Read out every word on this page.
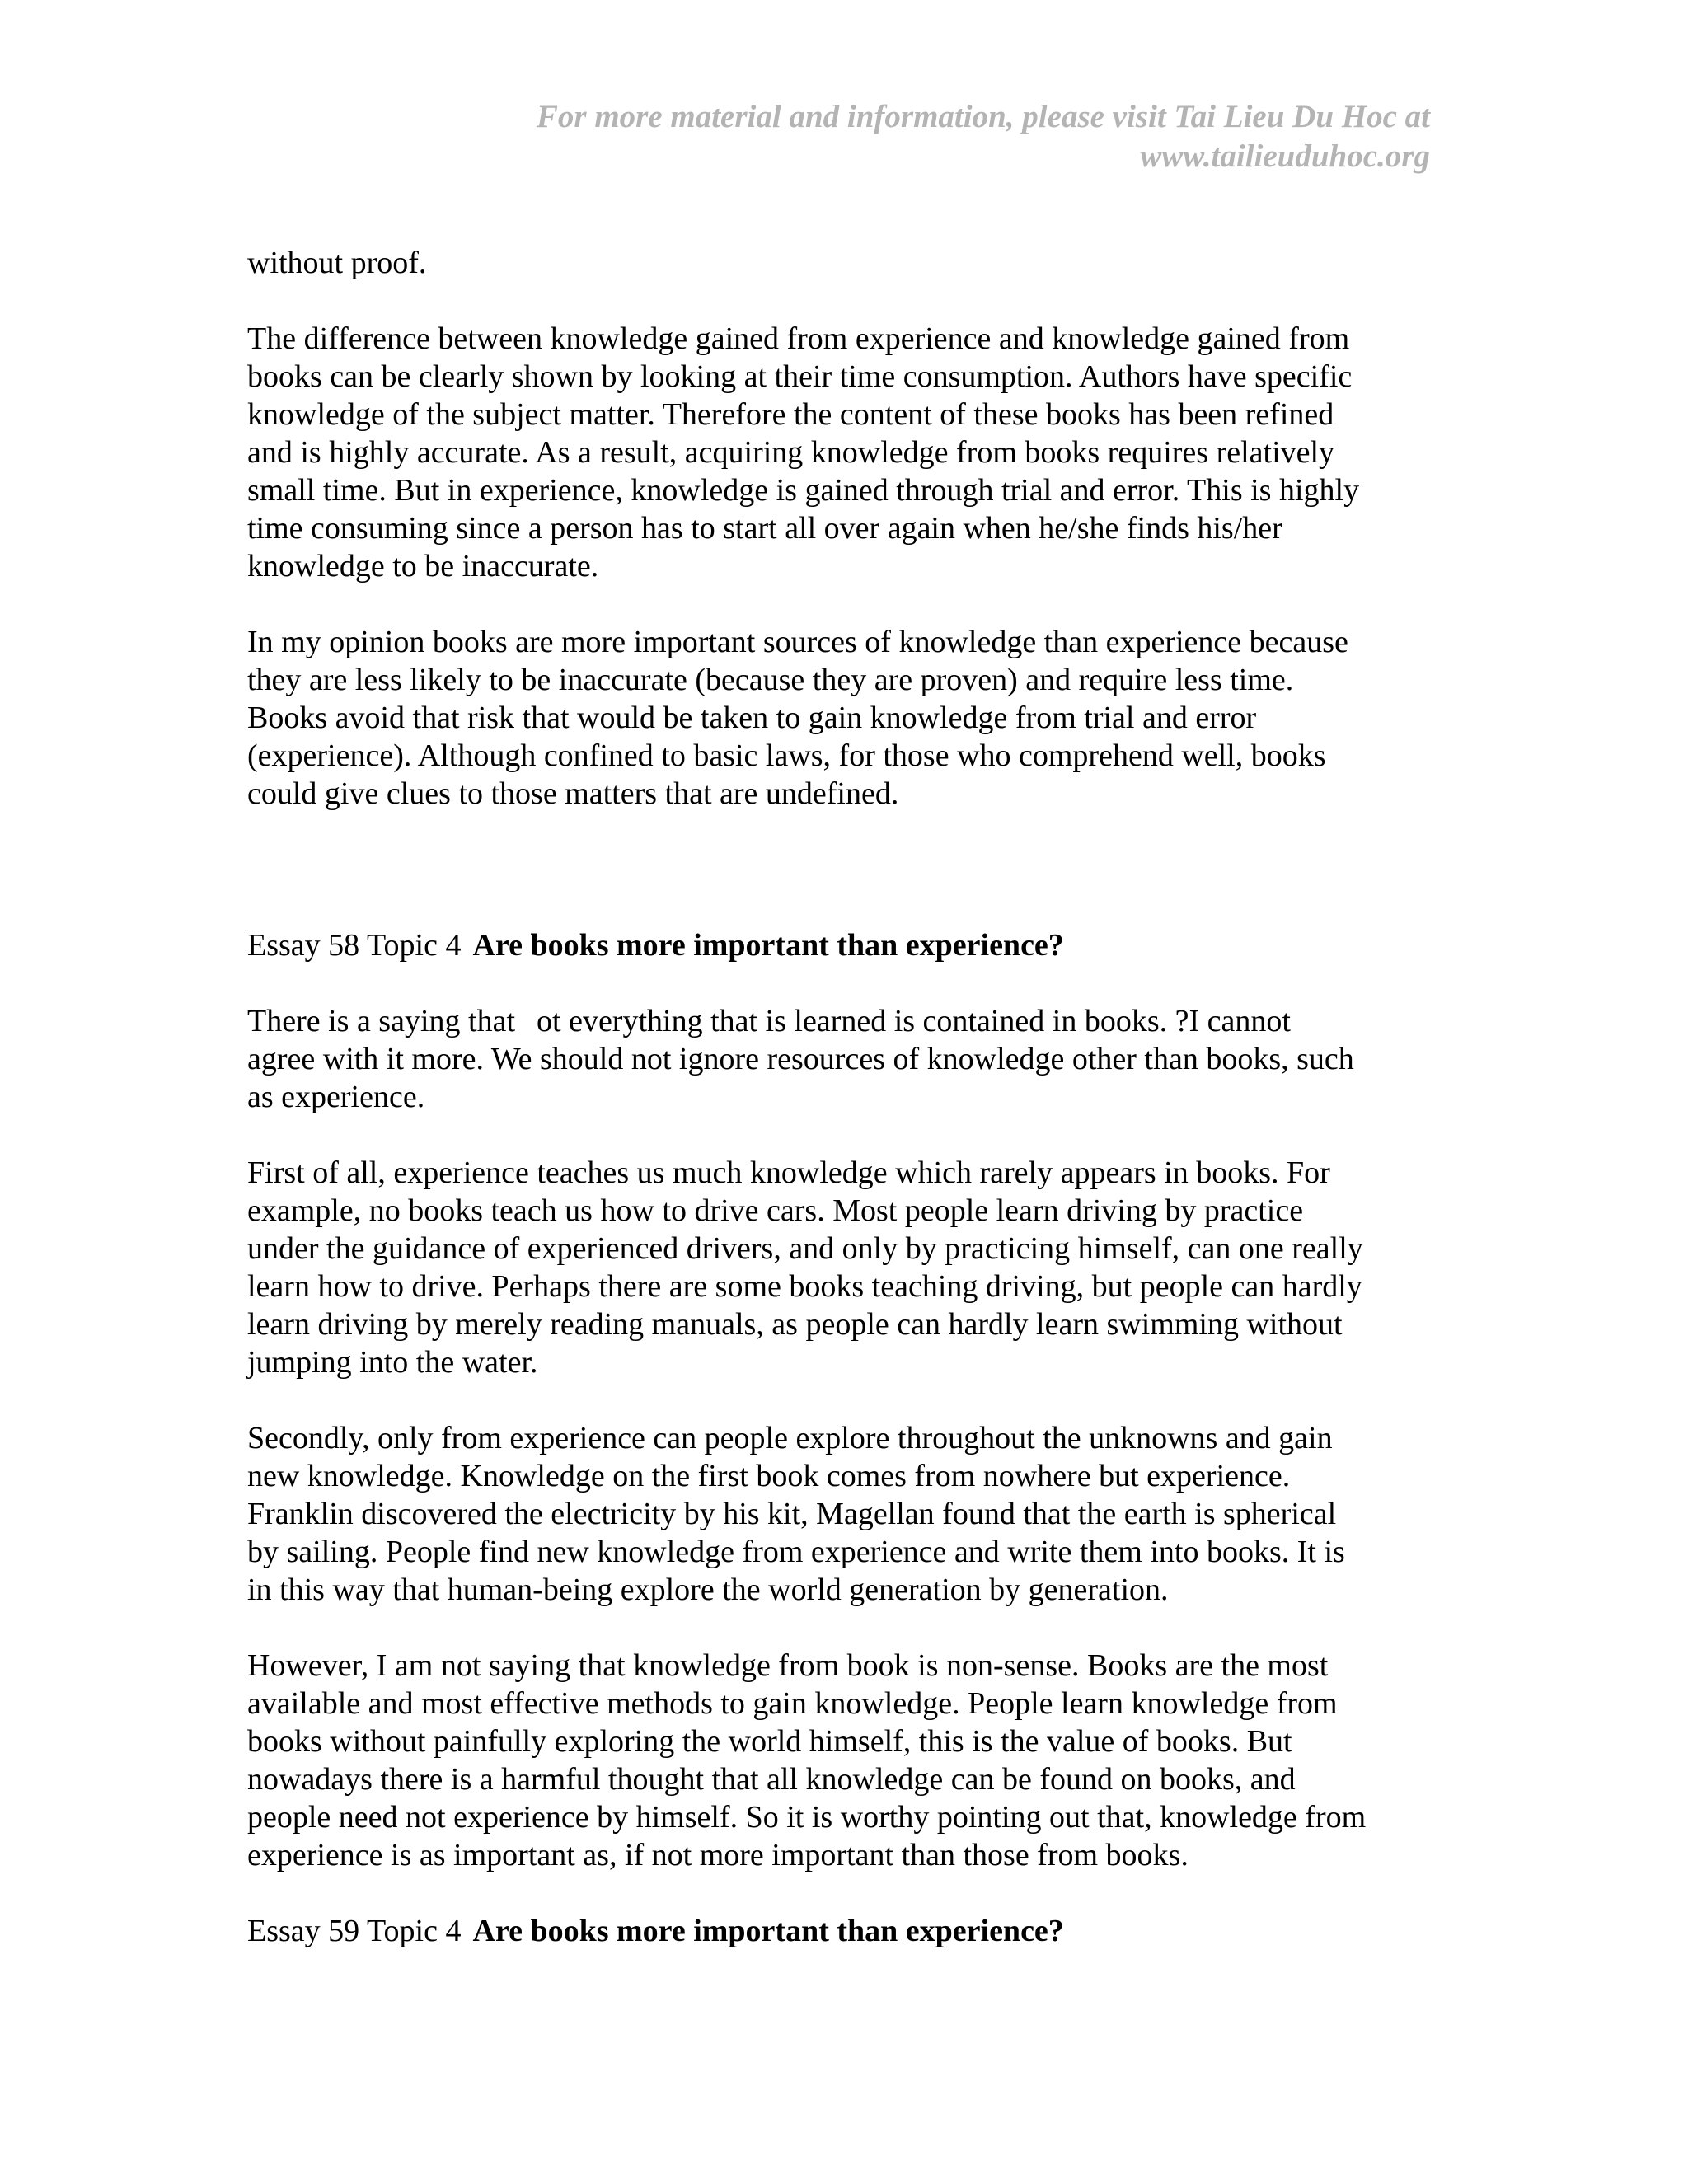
For more material and information, please visit Tai Lieu Du Hoc at
www.tailieuduhoc.org

without proof.

The difference between knowledge gained from experience and knowledge gained from
books can be clearly shown by looking at their time consumption. Authors have specific
knowledge of the subject matter. Therefore the content of these books has been refined
and is highly accurate. As a result, acquiring knowledge from books requires relatively
small time. But in experience, knowledge is gained through trial and error. This is highly
time consuming since a person has to start all over again when he/she finds his/her
knowledge to be inaccurate.

In my opinion books are more important sources of knowledge than experience because
they are less likely to be inaccurate (because they are proven) and require less time.
Books avoid that risk that would be taken to gain knowledge from trial and error
(experience). Although confined to basic laws, for those who comprehend well, books
could give clues to those matters that are undefined.

Essay 58 Topic 4 Are books more important than experience?

There is a saying that ot everything that is learned is contained in books. ?I cannot
agree with it more. We should not ignore resources of knowledge other than books, such
as experience.

First of all, experience teaches us much knowledge which rarely appears in books. For
example, no books teach us how to drive cars. Most people learn driving by practice
under the guidance of experienced drivers, and only by practicing himself, can one really
learn how to drive. Perhaps there are some books teaching driving, but people can hardly
learn driving by merely reading manuals, as people can hardly learn swimming without
jumping into the water.

Secondly, only from experience can people explore throughout the unknowns and gain
new knowledge. Knowledge on the first book comes from nowhere but experience.
Franklin discovered the electricity by his kit, Magellan found that the earth is spherical
by sailing. People find new knowledge from experience and write them into books. It is
in this way that human-being explore the world generation by generation.

However, I am not saying that knowledge from book is non-sense. Books are the most
available and most effective methods to gain knowledge. People learn knowledge from
books without painfully exploring the world himself, this is the value of books. But
nowadays there is a harmful thought that all knowledge can be found on books, and
people need not experience by himself. So it is worthy pointing out that, knowledge from
experience is as important as, if not more important than those from books.

Essay 59 Topic 4 Are books more important than experience?
